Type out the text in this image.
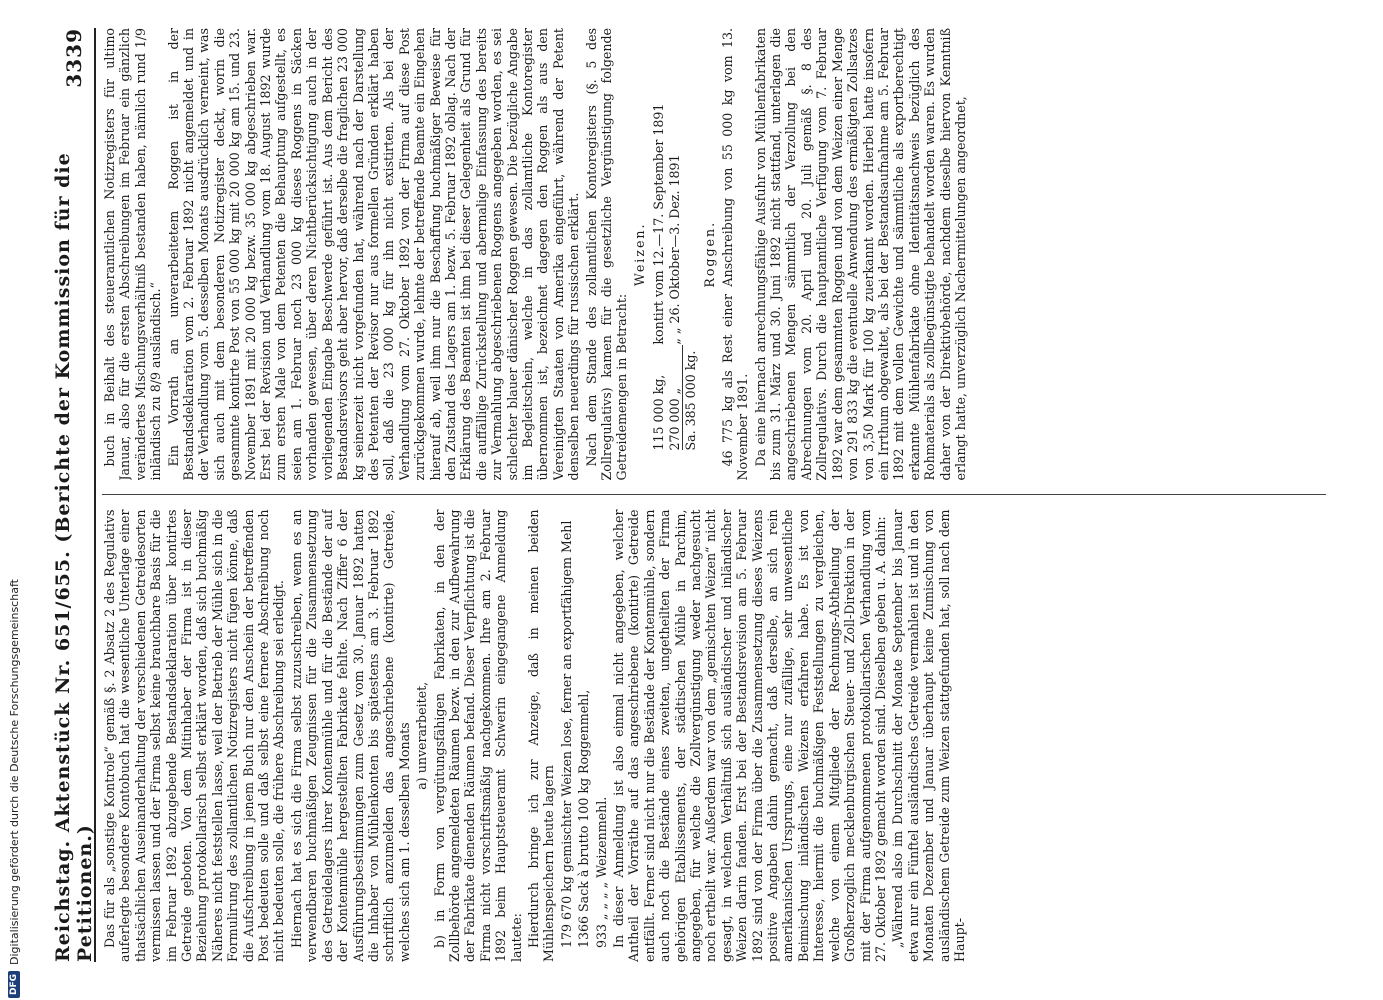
DFG
Digitalisierung gefördert durch die Deutsche Forschungsgemeinschaft Reichstag. Aktenstück Nr. 651/655. (Berichte der Kommission für die Petitionen.)
3339

Das für als „sonstige Kontrole“ gemäß §. 2 Absatz 2 des Regulativs auferlegte besondere Kontobuch hat die wesentliche Unterlage einer thatsächlichen Auseinanderhaltung der verschiedenen Getreidesorten vermissen lassen und der Firma selbst keine brauchbare Basis für die im Februar 1892 abzugebende Bestandsdeklaration über kontirtes Getreide geboten. Von dem Mitinhaber der Firma ist in dieser Beziehung protokollarisch selbst erklärt worden, daß sich buchmäßig Näheres nicht feststellen lasse, weil der Betrieb der Mühle sich in die Formulirung des zollamtlichen Notizregisters nicht fügen könne, daß die Aufschreibung in jenem Buch nur den Anschein der betreffenden Post bedeuten solle und daß selbst eine fernere Abschreibung noch nicht bedeuten solle, die frühere Abschreibung sei erledigt. Hiernach hat es sich die Firma selbst zuzuschreiben, wenn es an verwendbaren buchmäßigen Zeugnissen für die Zusammensetzung des Getreidelagers ihrer Kontenmühle und für die Bestände der auf der Kontenmühle hergestellten Fabrikate fehlte. Nach Ziffer 6 der Ausführungsbestimmungen zum Gesetz vom 30. Januar 1892 hatten die Inhaber von Mühlenkonten bis spätestens am 3. Februar 1892 schriftlich anzumelden das angeschriebene (kontirte) Getreide, welches sich am 1. desselben Monats a) unverarbeitet, b) in Form von vergütungsfähigen Fabrikaten, in den der Zollbehörde angemeldeten Räumen bezw. in den zur Aufbewahrung der Fabrikate dienenden Räumen befand. Dieser Verpflichtung ist die Firma nicht vorschriftsmäßig nachgekommen. Ihre am 2. Februar 1892 beim Hauptsteueramt Schwerin eingegangene Anmeldung lautete: Hierdurch bringe ich zur Anzeige, daß in meinen beiden Mühlenspeichern heute lagern 179 670 kg gemischter Weizen lose, ferner an exportfähigem Mehl 1366 Sack à brutto 100 kg Roggenmehl, 933 „ „ „ „ Weizenmehl. In dieser Anmeldung ist also einmal nicht angegeben, welcher Antheil der Vorräthe auf das angeschriebene (kontirte) Getreide entfällt. Ferner sind nicht nur die Bestände der Kontenmühle, sondern auch noch die Bestände eines zweiten, ungetheilten der Firma gehörigen Etablissements, der städtischen Mühle in Parchim, angegeben, für welche die Zollvergünstigung weder nachgesucht noch ertheilt war. Außerdem war von dem „gemischten Weizen“ nicht gesagt, in welchem Verhältniß sich ausländischer und inländischer Weizen darin fanden. Erst bei der Bestandsrevision am 5. Februar 1892 sind von der Firma über die Zusammensetzung dieses Weizens positive Angaben dahin gemacht, daß derselbe, an sich rein amerikanischen Ursprungs, eine nur zufällige, sehr unwesentliche Beimischung inländischen Weizens erfahren habe. Es ist von Interesse, hiermit die buchmäßigen Feststellungen zu vergleichen, welche von einem Mitgliede der Rechnungs-Abtheilung der Großherzoglich mecklenburgischen Steuer- und Zoll-Direktion in der mit der Firma aufgenommenen protokollarischen Verhandlung vom 27. Oktober 1892 gemacht worden sind. Dieselben geben u. A. dahin: „Während also im Durchschnitt der Monate September bis Januar etwa nur ein Fünftel ausländisches Getreide vermahlen ist und in den Monaten Dezember und Januar überhaupt keine Zumischung von ausländischem Getreide zum Weizen stattgefunden hat, soll nach dem Haupt-

buch in Beihalt des steueramtlichen Notizregisters für ultimo Januar, also für die ersten Abschreibungen im Februar ein gänzlich verändertes Mischungsverhältniß bestanden haben, nämlich rund 1/9 inländisch zu 8/9 ausländisch.“ Ein Vorrath an unverarbeitetem Roggen ist in der Bestandsdeklaration vom 2. Februar 1892 nicht angemeldet und in der Verhandlung vom 5. desselben Monats ausdrücklich verneint, was sich auch mit dem besonderen Notizregister deckt, worin die gesammte kontirte Post von 55 000 kg mit 20 000 kg am 15. und 23. November 1891 mit 20 000 kg bezw. 35 000 kg abgeschrieben war. Erst bei der Revision und Verhandlung vom 18. August 1892 wurde zum ersten Male von dem Petenten die Behauptung aufgestellt, es seien am 1. Februar noch 23 000 kg dieses Roggens in Säcken vorhanden gewesen, über deren Nichtberücksichtigung auch in der vorliegenden Eingabe Beschwerde geführt ist. Aus dem Bericht des Bestandsrevisors geht aber hervor, daß derselbe die fraglichen 23 000 kg seinerzeit nicht vorgefunden hat, während nach der Darstellung des Petenten der Revisor nur aus formellen Gründen erklärt haben soll, daß die 23 000 kg für ihn nicht existirten. Als bei der Verhandlung vom 27. Oktober 1892 von der Firma auf diese Post zurückgekommen wurde, lehnte der betreffende Beamte ein Eingehen hierauf ab, weil ihm nur die Beschaffung buchmäßiger Beweise für den Zustand des Lagers am 1. bezw. 5. Februar 1892 oblag. Nach der Erklärung des Beamten ist ihm bei dieser Gelegenheit als Grund für die auffällige Zurückstellung und abermalige Einfassung des bereits zur Vermahlung abgeschriebenen Roggens angegeben worden, es sei schlechter blauer dänischer Roggen gewesen. Die bezügliche Angabe im Begleitschein, welche in das zollamtliche Kontoregister übernommen ist, bezeichnet dagegen den Roggen als aus den Vereinigten Staaten von Amerika eingeführt, während der Petent denselben neuerdings für russischen erklärt. Nach dem Stande des zollamtlichen Kontoregisters (§. 5 des Zollregulativs) kamen für die gesetzliche Vergünstigung folgende Getreidemengen in Betracht:

Weizen.

115 000 kg,	kontirt vom 12.—17. September 1891
270 000 „	„ „ 26. Oktober—3. Dez. 1891
Sa. 385 000 kg.	

Roggen. 46 775 kg als Rest einer Anschreibung von 55 000 kg vom 13. November 1891. Da eine hiernach anrechnungsfähige Ausfuhr von Mühlenfabrikaten bis zum 31. März und 30. Juni 1892 nicht stattfand, unterlagen die angeschriebenen Mengen sämmtlich der Verzollung bei den Abrechnungen vom 20. April und 20. Juli gemäß §. 8 des Zollregulativs. Durch die hauptamtliche Verfügung vom 7. Februar 1892 war dem gesammten Roggen und von dem Weizen einer Menge von 291 833 kg die eventuelle Anwendung des ermäßigten Zollsatzes von 3,50 Mark für 100 kg zuerkannt worden. Hierbei hatte insofern ein Irrthum obgewaltet, als bei der Bestandsaufnahme am 5. Februar 1892 mit dem vollen Gewichte und sämmtliche als exportberechtigt erkannte Mühlenfabrikate ohne Identitätsnachweis bezüglich des Rohmaterials als zollbegünstigte behandelt worden waren. Es wurden daher von der Direktivbehörde, nachdem dieselbe hiervon Kenntniß erlangt hatte, unverzüglich Nachermittelungen angeordnet,
